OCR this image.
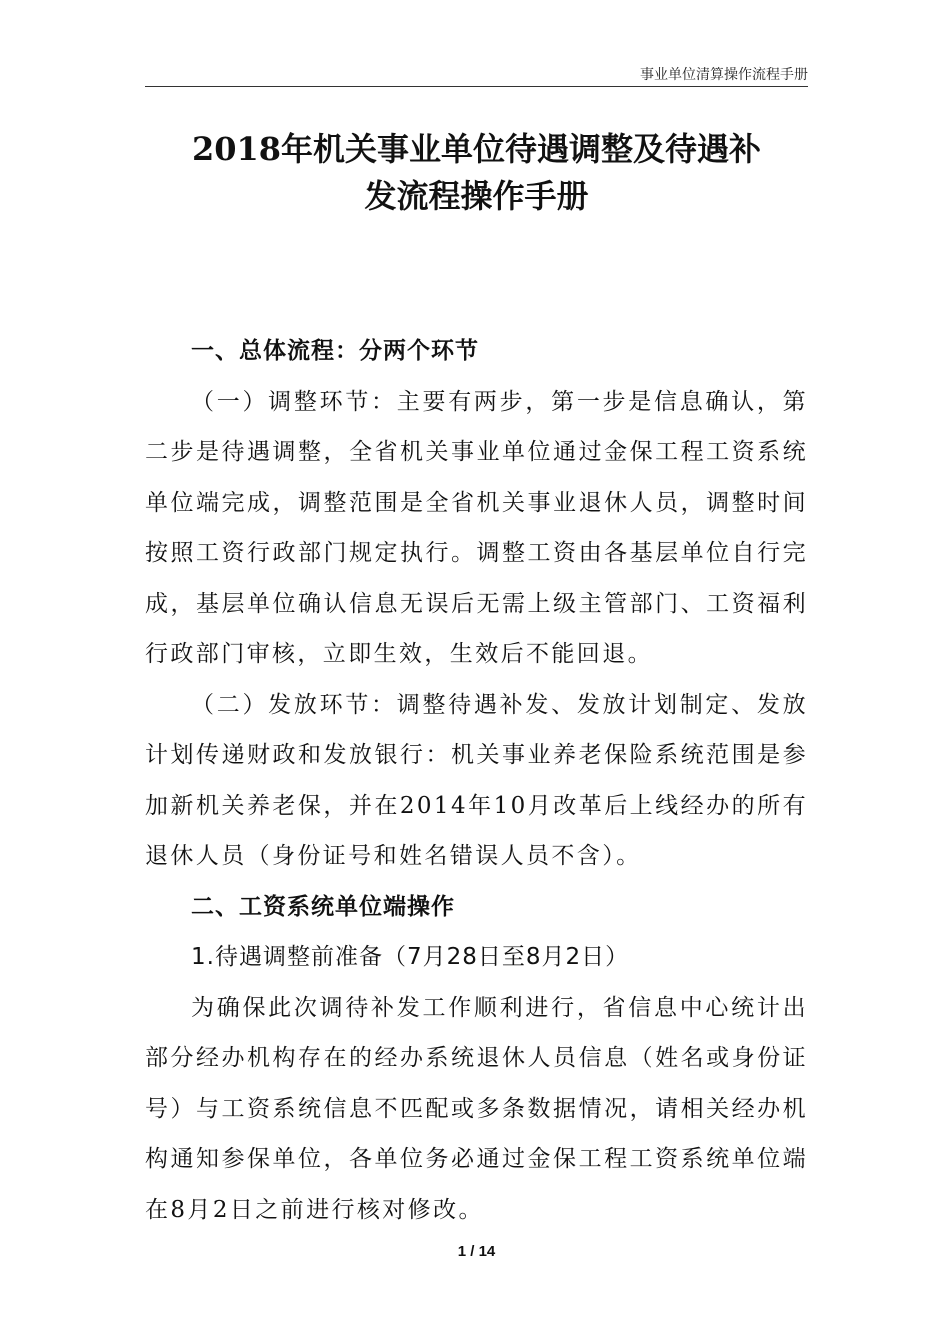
事业单位清算操作流程手册
2018年机关事业单位待遇调整及待遇补
发流程操作手册
一、总体流程：分两个环节

（一）调整环节：主要有两步，第一步是信息确认，第二步是待遇调整，全省机关事业单位通过金保工程工资系统单位端完成，调整范围是全省机关事业退休人员，调整时间按照工资行政部门规定执行。调整工资由各基层单位自行完成，基层单位确认信息无误后无需上级主管部门、工资福利行政部门审核，立即生效，生效后不能回退。

（二）发放环节：调整待遇补发、发放计划制定、发放计划传递财政和发放银行：机关事业养老保险系统范围是参加新机关养老保，并在2014年10月改革后上线经办的所有退休人员（身份证号和姓名错误人员不含）。

二、工资系统单位端操作
1.待遇调整前准备（7月28日至8月2日）

为确保此次调待补发工作顺利进行，省信息中心统计出部分经办机构存在的经办系统退休人员信息（姓名或身份证号）与工资系统信息不匹配或多条数据情况，请相关经办机构通知参保单位，各单位务必通过金保工程工资系统单位端在8月2日之前进行核对修改。

1 / 14
